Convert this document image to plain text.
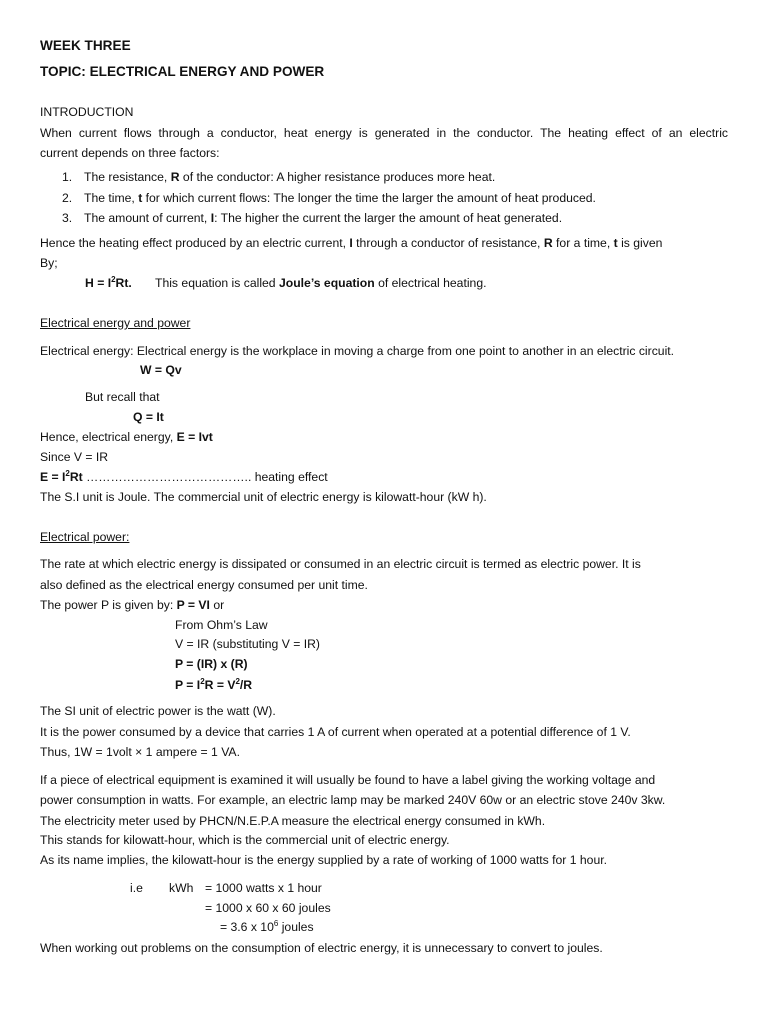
WEEK THREE
TOPIC: ELECTRICAL ENERGY AND POWER
INTRODUCTION
When current flows through a conductor, heat energy is generated in the conductor. The heating effect of an electric
current depends on three factors:
1. The resistance, R of the conductor: A higher resistance produces more heat.
2. The time, t for which current flows: The longer the time the larger the amount of heat produced.
3. The amount of current, I: The higher the current the larger the amount of heat generated.
Hence the heating effect produced by an electric current, I through a conductor of resistance, R for a time, t is given
By;
$H = I^2Rt$. This equation is called Joule’s equation of electrical heating.
Electrical energy and power
Electrical energy: Electrical energy is the workplace in moving a charge from one point to another in an electric circuit.
W = Qv
But recall that
Q = It
Hence, electrical energy, E = Ivt
Since V = IR
$E = I^2Rt$ ………………………………….. heating effect
The S.I unit is Joule. The commercial unit of electric energy is kilowatt-hour (kW h).
Electrical power:
The rate at which electric energy is dissipated or consumed in an electric circuit is termed as electric power. It is
also defined as the electrical energy consumed per unit time.
The power P is given by: P = VI or
From Ohm’s Law
V = IR (substituting V = IR)
P = (IR) x (R)
$P = I^2R = V^2/R$
The SI unit of electric power is the watt (W).
It is the power consumed by a device that carries 1 A of current when operated at a potential difference of 1 V.
Thus, 1W = 1volt × 1 ampere = 1 VA.
If a piece of electrical equipment is examined it will usually be found to have a label giving the working voltage and
power consumption in watts. For example, an electric lamp may be marked 240V 60w or an electric stove 240v 3kw.
The electricity meter used by PHCN/N.E.P.A measure the electrical energy consumed in kWh.
This stands for kilowatt-hour, which is the commercial unit of electric energy.
As its name implies, the kilowatt-hour is the energy supplied by a rate of working of 1000 watts for 1 hour.
i.e kWh = 1000 watts x 1 hour
= 1000 x 60 x 60 joules
= 3.6 x $10^6$ joules
When working out problems on the consumption of electric energy, it is unnecessary to convert to joules.
